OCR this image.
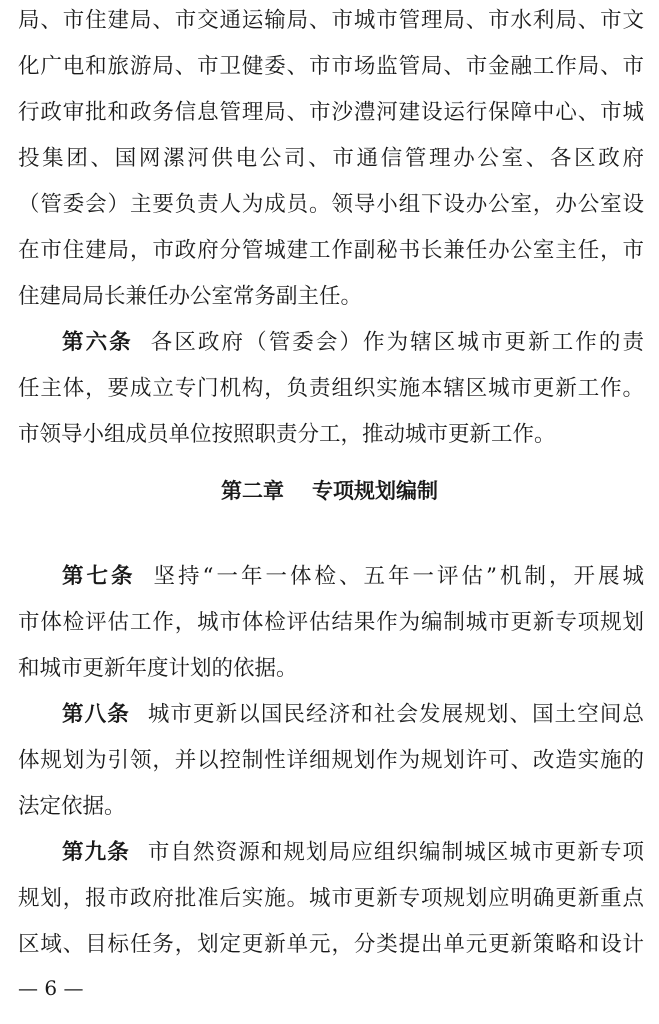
局、市住建局、市交通运输局、市城市管理局、市水利局、市文
化广电和旅游局、市卫健委、市市场监管局、市金融工作局、市
行政审批和政务信息管理局、市沙澧河建设运行保障中心、市城
投集团、国网漯河供电公司、市通信管理办公室、各区政府
（管委会）主要负责人为成员。领导小组下设办公室，办公室设
在市住建局，市政府分管城建工作副秘书长兼任办公室主任，市
住建局局长兼任办公室常务副主任。
第六条 各区政府（管委会）作为辖区城市更新工作的责
任主体，要成立专门机构，负责组织实施本辖区城市更新工作。
市领导小组成员单位按照职责分工，推动城市更新工作。
第二章 专项规划编制
第七条 坚持“一年一体检、五年一评估”机制，开展城
市体检评估工作，城市体检评估结果作为编制城市更新专项规划
和城市更新年度计划的依据。
第八条 城市更新以国民经济和社会发展规划、国土空间总
体规划为引领，并以控制性详细规划作为规划许可、改造实施的
法定依据。
第九条 市自然资源和规划局应组织编制城区城市更新专项
规划，报市政府批准后实施。城市更新专项规划应明确更新重点
区域、目标任务，划定更新单元，分类提出单元更新策略和设计
— 6 —
